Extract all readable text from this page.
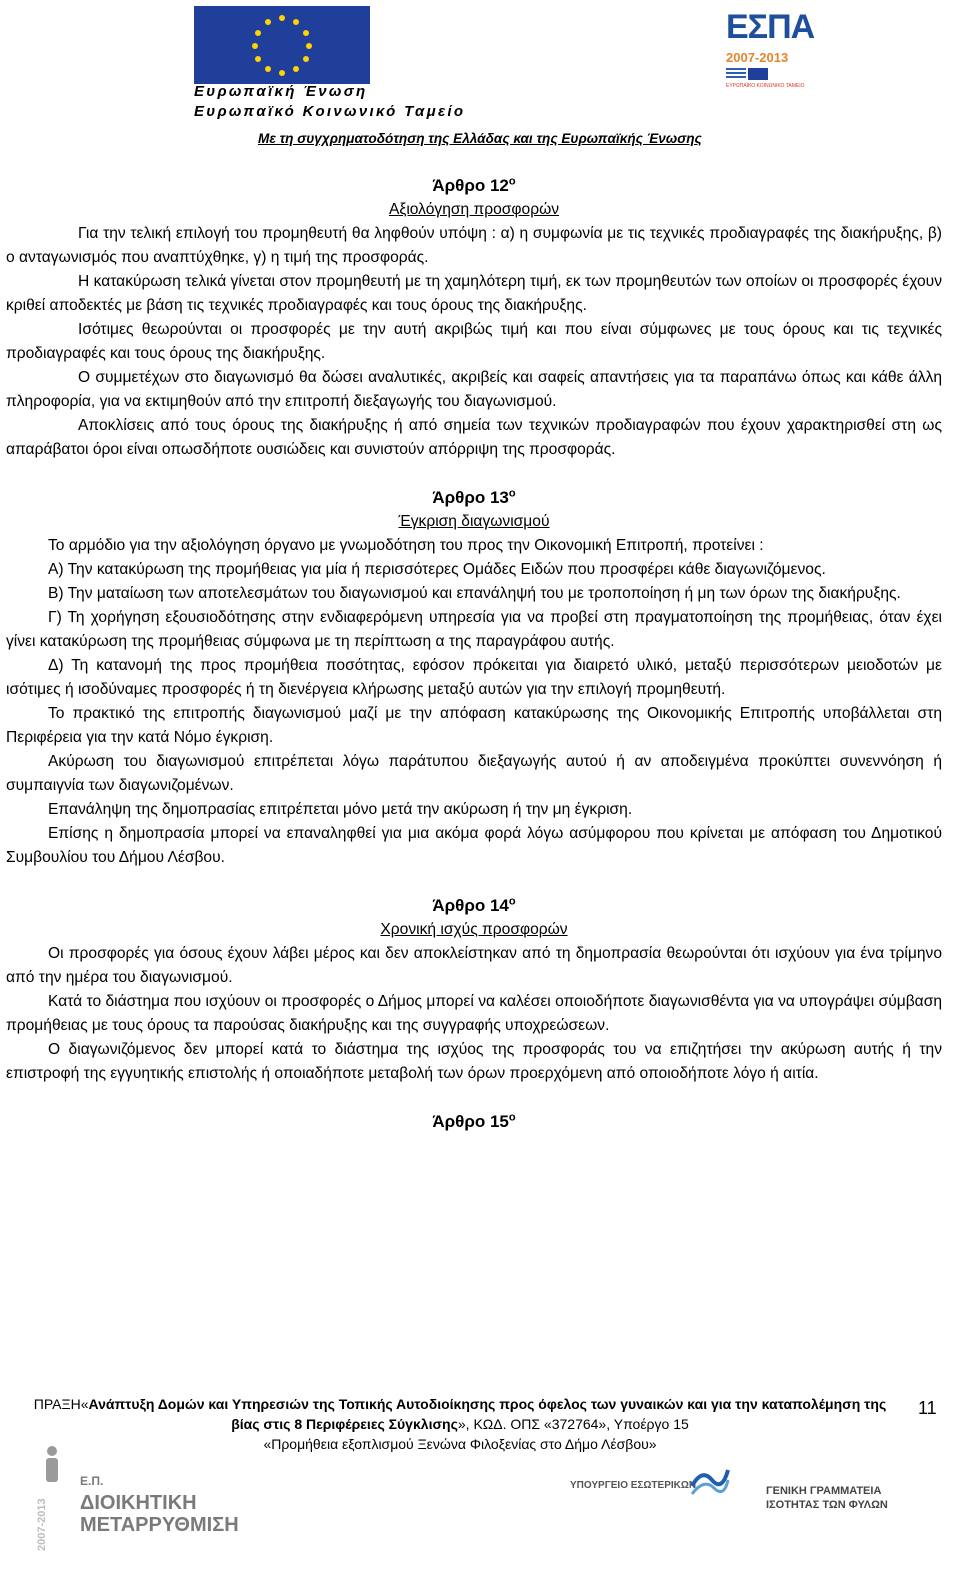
Ευρωπαϊκή Ένωση
Ευρωπαϊκό Κοινωνικό Ταμείο
ΕΣΠΑ
2007-2013
ΕΥΡΩΠΑΪΚΟ ΚΟΙΝΩΝΙΚΟ ΤΑΜΕΙΟ
Με τη συγχρηματοδότηση της Ελλάδας και της Ευρωπαϊκής Ένωσης

Άρθρο $12^o$

Αξιολόγηση προσφορών

Για την τελική επιλογή του προμηθευτή θα ληφθούν υπόψη : α) η συμφωνία με τις τεχνικές προδιαγραφές της διακήρυξης, β) ο ανταγωνισμός που αναπτύχθηκε, γ) η τιμή της προσφοράς.

Η κατακύρωση τελικά γίνεται στον προμηθευτή με τη χαμηλότερη τιμή, εκ των προμηθευτών των οποίων οι προσφορές έχουν κριθεί αποδεκτές με βάση τις τεχνικές προδιαγραφές και τους όρους της διακήρυξης.

Ισότιμες θεωρούνται οι προσφορές με την αυτή ακριβώς τιμή και που είναι σύμφωνες με τους όρους και τις τεχνικές προδιαγραφές και τους όρους της διακήρυξης.

Ο συμμετέχων στο διαγωνισμό θα δώσει αναλυτικές, ακριβείς και σαφείς απαντήσεις για τα παραπάνω όπως και κάθε άλλη πληροφορία, για να εκτιμηθούν από την επιτροπή διεξαγωγής του διαγωνισμού.

Αποκλίσεις από τους όρους της διακήρυξης ή από σημεία των τεχνικών προδιαγραφών που έχουν χαρακτηρισθεί στη ως απαράβατοι όροι είναι οπωσδήποτε ουσιώδεις και συνιστούν απόρριψη της προσφοράς.

Άρθρο $13^o$

Έγκριση διαγωνισμού

Το αρμόδιο για την αξιολόγηση όργανο με γνωμοδότηση του προς την Οικονομική Επιτροπή, προτείνει :

Α) Την κατακύρωση της προμήθειας για μία ή περισσότερες Ομάδες Ειδών που προσφέρει κάθε διαγωνιζόμενος.

Β) Την ματαίωση των αποτελεσμάτων του διαγωνισμού και επανάληψή του με τροποποίηση ή μη των όρων της διακήρυξης.

Γ) Τη χορήγηση εξουσιοδότησης στην ενδιαφερόμενη υπηρεσία για να προβεί στη πραγματοποίηση της προμήθειας, όταν έχει γίνει κατακύρωση της προμήθειας σύμφωνα με τη περίπτωση α της παραγράφου αυτής.

Δ) Τη κατανομή της προς προμήθεια ποσότητας, εφόσον πρόκειται για διαιρετό υλικό, μεταξύ περισσότερων μειοδοτών με ισότιμες ή ισοδύναμες προσφορές ή τη διενέργεια κλήρωσης μεταξύ αυτών για την επιλογή προμηθευτή.

Το πρακτικό της επιτροπής διαγωνισμού μαζί με την απόφαση κατακύρωσης της Οικονομικής Επιτροπής υποβάλλεται στη Περιφέρεια για την κατά Νόμο έγκριση.

Ακύρωση του διαγωνισμού επιτρέπεται λόγω παράτυπου διεξαγωγής αυτού ή αν αποδειγμένα προκύπτει συνεννόηση ή συμπαιγνία των διαγωνιζομένων.

Επανάληψη της δημοπρασίας επιτρέπεται μόνο μετά την ακύρωση ή την μη έγκριση.

Επίσης η δημοπρασία μπορεί να επαναληφθεί για μια ακόμα φορά λόγω ασύμφορου που κρίνεται με απόφαση του Δημοτικού Συμβουλίου του Δήμου Λέσβου.

Άρθρο $14^o$

Χρονική ισχύς προσφορών

Οι προσφορές για όσους έχουν λάβει μέρος και δεν αποκλείστηκαν από τη δημοπρασία θεωρούνται ότι ισχύουν για ένα τρίμηνο από την ημέρα του διαγωνισμού.

Κατά το διάστημα που ισχύουν οι προσφορές ο Δήμος μπορεί να καλέσει οποιοδήποτε διαγωνισθέντα για να υπογράψει σύμβαση προμήθειας με τους όρους τα παρούσας διακήρυξης και της συγγραφής υποχρεώσεων.

Ο διαγωνιζόμενος δεν μπορεί κατά το διάστημα της ισχύος της προσφοράς του να επιζητήσει την ακύρωση αυτής ή την επιστροφή της εγγυητικής επιστολής ή οποιαδήποτε μεταβολή των όρων προερχόμενη από οποιοδήποτε λόγο ή αιτία.

Άρθρο $15^o$

ΠΡΑΞΗ«Ανάπτυξη Δομών και Υπηρεσιών της Τοπικής Αυτοδιοίκησης προς όφελος των γυναικών και για την καταπολέμηση της βίας στις 8 Περιφέρειες Σύγκλισης», ΚΩΔ. ΟΠΣ «372764», Υποέργο 15
«Προμήθεια εξοπλισμού Ξενώνα Φιλοξενίας στο Δήμο Λέσβου»
11
2007-2013
Ε.Π.
ΔΙΟΙΚΗΤΙΚΗ
ΜΕΤΑΡΡΥΘΜΙΣΗ
ΥΠΟΥΡΓΕΙΟ ΕΣΩΤΕΡΙΚΩΝ	ΓΕΝΙΚΗ ΓΡΑΜΜΑΤΕΙΑ
ΙΣΟΤΗΤΑΣ ΤΩΝ ΦΥΛΩΝ
